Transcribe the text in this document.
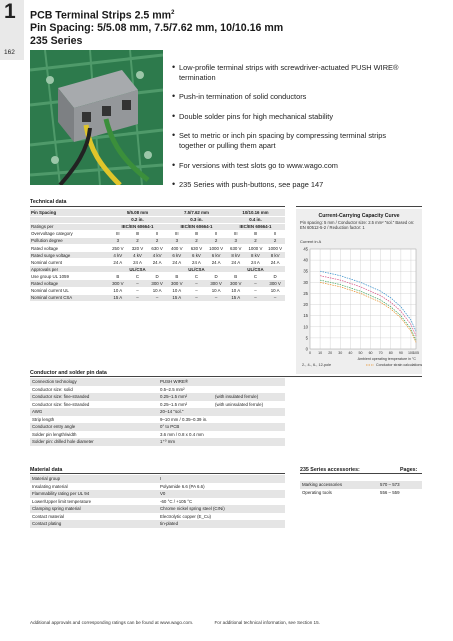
1
162
PCB Terminal Strips 2.5 $mm^2$
Pin Spacing: 5/5.08 mm, 7.5/7.62 mm, 10/10.16 mm
235 Series
• Low-profile terminal strips with screwdriver-actuated PUSH WIRE® termination
• Push-in termination of solid conductors
• Double solder pins for high mechanical stability
• Set to metric or inch pin spacing by compressing terminal strips together or pulling them apart
• For versions with test slots go to www.wago.com
• 235 Series with push-buttons, see page 147
Technical data
Pin Spacing	5/5.08 mm			7.5/7.62 mm			10/10.16 mm		
	0.2 in.			0.3 in.			0.4 in.		
Ratings per	IEC/EN 60664-1			IEC/EN 60664-1			IEC/EN 60664-1		
Overvoltage category	III	III	II	III	III	II	III	III	II
Pollution degree	3	2	2	3	2	2	3	2	2
Rated voltage	250 V	320 V	630 V	400 V	630 V	1000 V	630 V	1000 V	1000 V
Rated surge voltage	4 kV	4 kV	4 kV	6 kV	6 kV	6 kV	8 kV	8 kV	8 kV
Nominal current	24 A	24 A	24 A	24 A	24 A	24 A	24 A	24 A	24 A
Approvals per	UL/CSA			UL/CSA			UL/CSA		
Use group UL 1059	B	C	D	B	C	D	B	C	D
Rated voltage	300 V	–	300 V	300 V	–	300 V	300 V	–	300 V
Nominal current UL	10 A	–	10 A	10 A	–	10 A	10 A	–	10 A
Nominal current CSA	15 A	–	–	15 A	–	–	15 A	–	–
Current-Carrying Capacity Curve
Pin spacing: 5 mm / Conductor size: 2.5 mm² "sol." Based on: EN 60512-5-2 / Reduction factor: 1
0
5
10
15
20
25
30
35
40
45
0 10 20 30 40 50 60 70 80 90 100 105
Current in A
Ambient operating temperature in °C
2-, 4-, 6-, 12-pole	Conductor strain calculations
Conductor and solder pin data
Connection technology	PUSH WIRE®
Conductor size: solid	0.5–2.5 mm²
Conductor size: fine-stranded	0.25–1.5 mm²	(with insulated ferrule)
Conductor size: fine-stranded	0.25–1.5 mm²	(with uninsulated ferrule)
AWG	20–14 "sol."
Strip length	9–10 mm / 0.35–0.39 in.
Conductor entry angle	0° to PCB
Solder pin length/width	3.6 mm / 0.8 x 0.4 mm
Solder pin: drilled hole diameter	1⁺⁰ mm
Material data
Material group	I
Insulating material	Polyamide 6.6 (PA 6.6)
Flammability rating per UL 94	V0
Lower/Upper limit temperature	-60 °C / +105 °C
Clamping spring material	Chrome nickel spring steel (CrNi)
Contact material	Electrolytic copper (E_Cu)
Contact plating	tin-plated
235 Series accessories:	Pages:
Marking accessories	570 – 573
Operating tools	556 – 559
Additional approvals and corresponding ratings can be found at www.wago.com.	For additional technical information, see Section 15.
